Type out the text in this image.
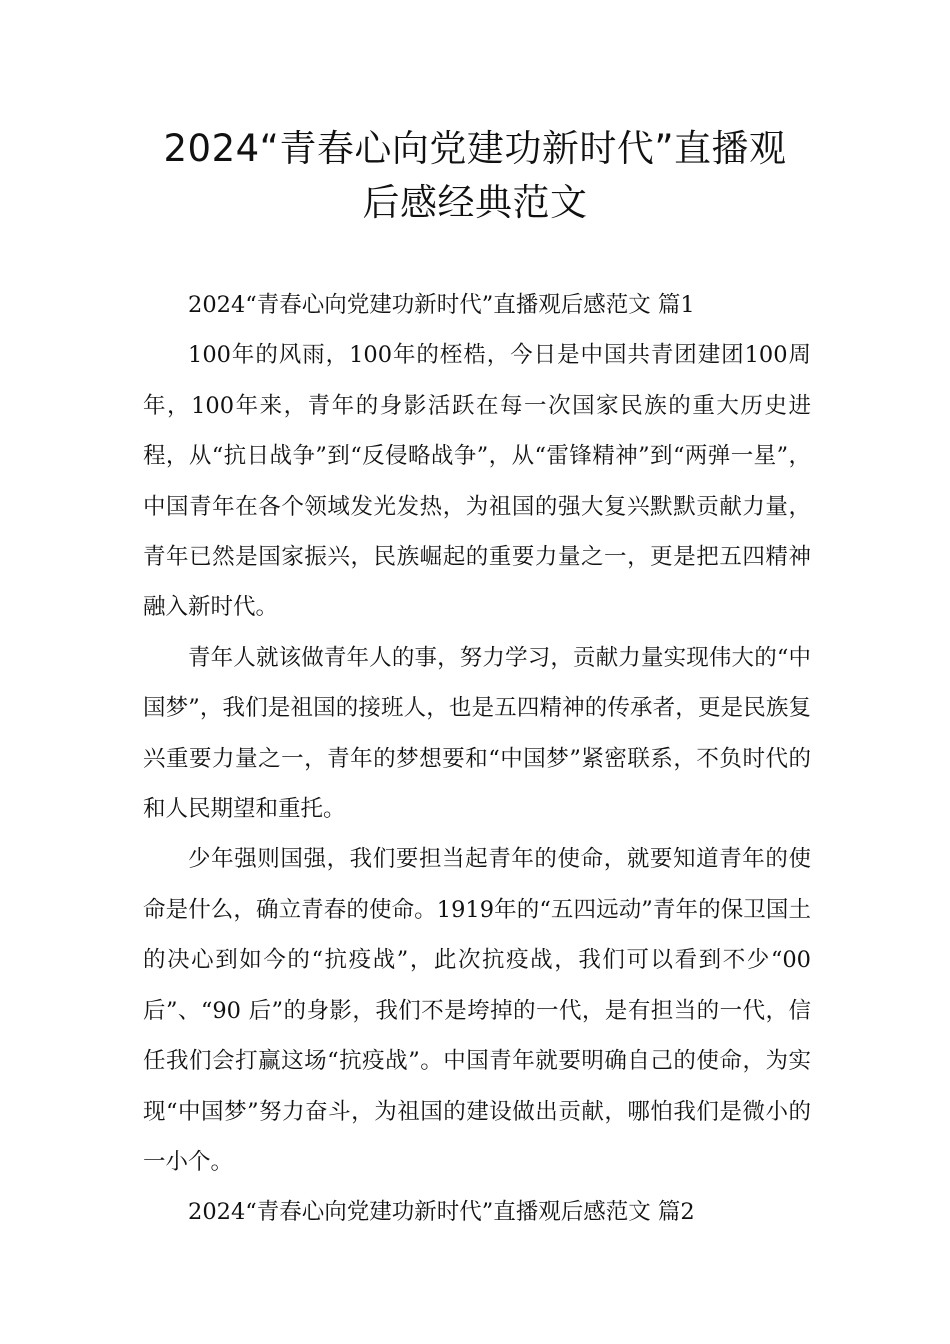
2024“青春心向党建功新时代”直播观
后感经典范文

2024“青春心向党建功新时代”直播观后感范文 篇1

100年的风雨，100年的桎梏，今日是中国共青团建团100周年，100年来，青年的身影活跃在每一次国家民族的重大历史进程，从“抗日战争”到“反侵略战争”，从“雷锋精神”到“两弹一星”，中国青年在各个领域发光发热，为祖国的强大复兴默默贡献力量，青年已然是国家振兴，民族崛起的重要力量之一，更是把五四精神融入新时代。

青年人就该做青年人的事，努力学习，贡献力量实现伟大的“中国梦”，我们是祖国的接班人，也是五四精神的传承者，更是民族复兴重要力量之一，青年的梦想要和“中国梦”紧密联系，不负时代的和人民期望和重托。

少年强则国强，我们要担当起青年的使命，就要知道青年的使命是什么，确立青春的使命。1919年的“五四远动”青年的保卫国土的决心到如今的“抗疫战”，此次抗疫战，我们可以看到不少“00 后”、“90 后”的身影，我们不是垮掉的一代，是有担当的一代，信任我们会打赢这场“抗疫战”。中国青年就要明确自己的使命，为实现“中国梦”努力奋斗，为祖国的建设做出贡献，哪怕我们是微小的一小个。

2024“青春心向党建功新时代”直播观后感范文 篇2
